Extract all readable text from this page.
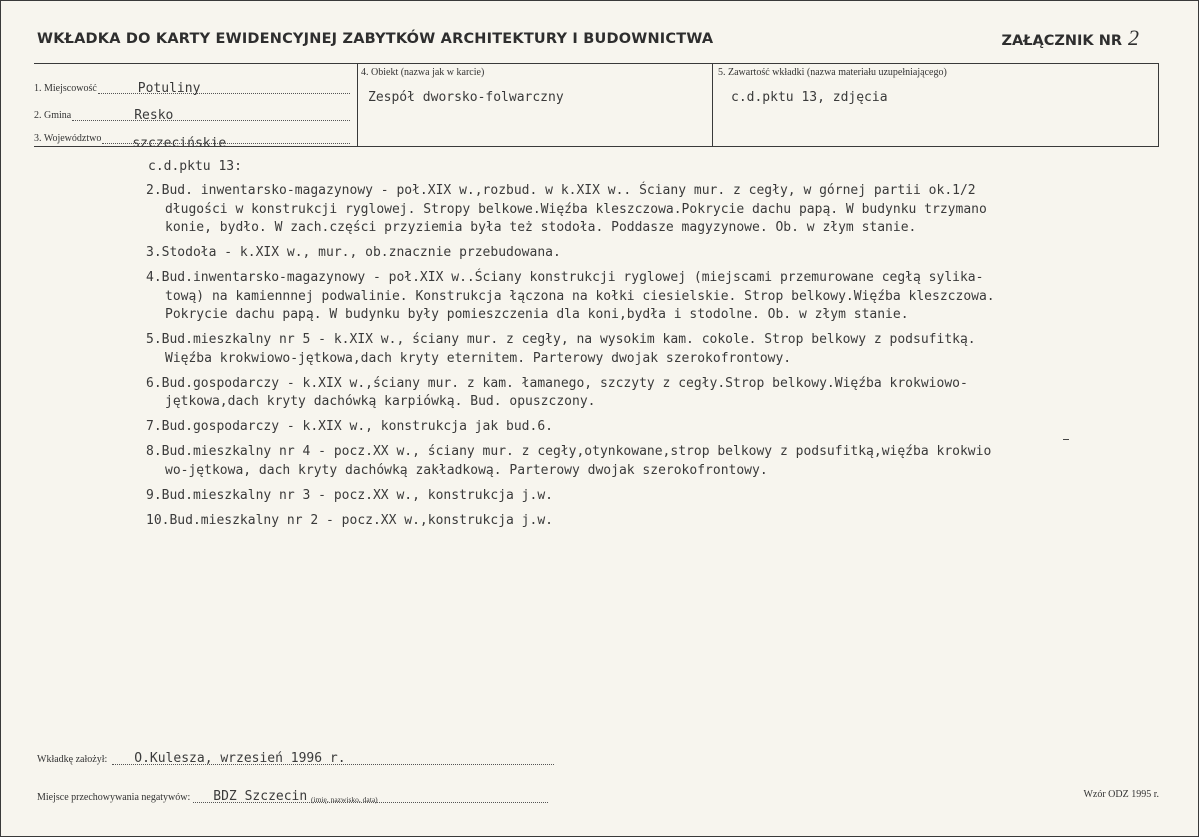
WKŁADKA DO KARTY EWIDENCYJNEJ ZABYTKÓW ARCHITEKTURY I BUDOWNICTWA	ZAŁĄCZNIK NR 2
1. Miejscowość	Potuliny
2. Gmina	Resko
3. Województwo szczecińskie
4. Obiekt (nazwa jak w karcie)
Zespół dworsko-folwarczny
5. Zawartość wkładki (nazwa materiału uzupełniającego)
c.d.pktu 13, zdjęcia
c.d.pktu 13:
2.Bud. inwentarsko-magazynowy - poł.XIX w.,rozbud. w k.XIX w.. Ściany mur. z cegły, w górnej partii ok.1/2
długości w konstrukcji ryglowej. Stropy belkowe.Więźba kleszczowa.Pokrycie dachu papą. W budynku trzymano
konie, bydło. W zach.części przyziemia była też stodoła. Poddasze magyzynowe. Ob. w złym stanie.
3.Stodoła - k.XIX w., mur., ob.znacznie przebudowana.
4.Bud.inwentarsko-magazynowy - poł.XIX w..Ściany konstrukcji ryglowej (miejscami przemurowane cegłą sylika-
tową) na kamiennnej podwalinie. Konstrukcja łączona na kołki ciesielskie. Strop belkowy.Więźba kleszczowa.
Pokrycie dachu papą. W budynku były pomieszczenia dla koni,bydła i stodolne. Ob. w złym stanie.
5.Bud.mieszkalny nr 5 - k.XIX w., ściany mur. z cegły, na wysokim kam. cokole. Strop belkowy z podsufitką.
Więźba krokwiowo-jętkowa,dach kryty eternitem. Parterowy dwojak szerokofrontowy.
6.Bud.gospodarczy - k.XIX w.,ściany mur. z kam. łamanego, szczyty z cegły.Strop belkowy.Więźba krokwiowo-
jętkowa,dach kryty dachówką karpiówką. Bud. opuszczony.
7.Bud.gospodarczy - k.XIX w., konstrukcja jak bud.6.
8.Bud.mieszkalny nr 4 - pocz.XX w., ściany mur. z cegły,otynkowane,strop belkowy z podsufitką,więźba krokwio
wo-jętkowa, dach kryty dachówką zakładkową. Parterowy dwojak szerokofrontowy.
9.Bud.mieszkalny nr 3 - pocz.XX w., konstrukcja j.w.
10.Bud.mieszkalny nr 2 - pocz.XX w.,konstrukcja j.w.
Wkładkę założył: O.Kulesza, wrzesień 1996 r.
(imię, nazwisko, data)
Miejsce przechowywania negatywów: BDZ Szczecin	Wzór ODZ 1995 r.
